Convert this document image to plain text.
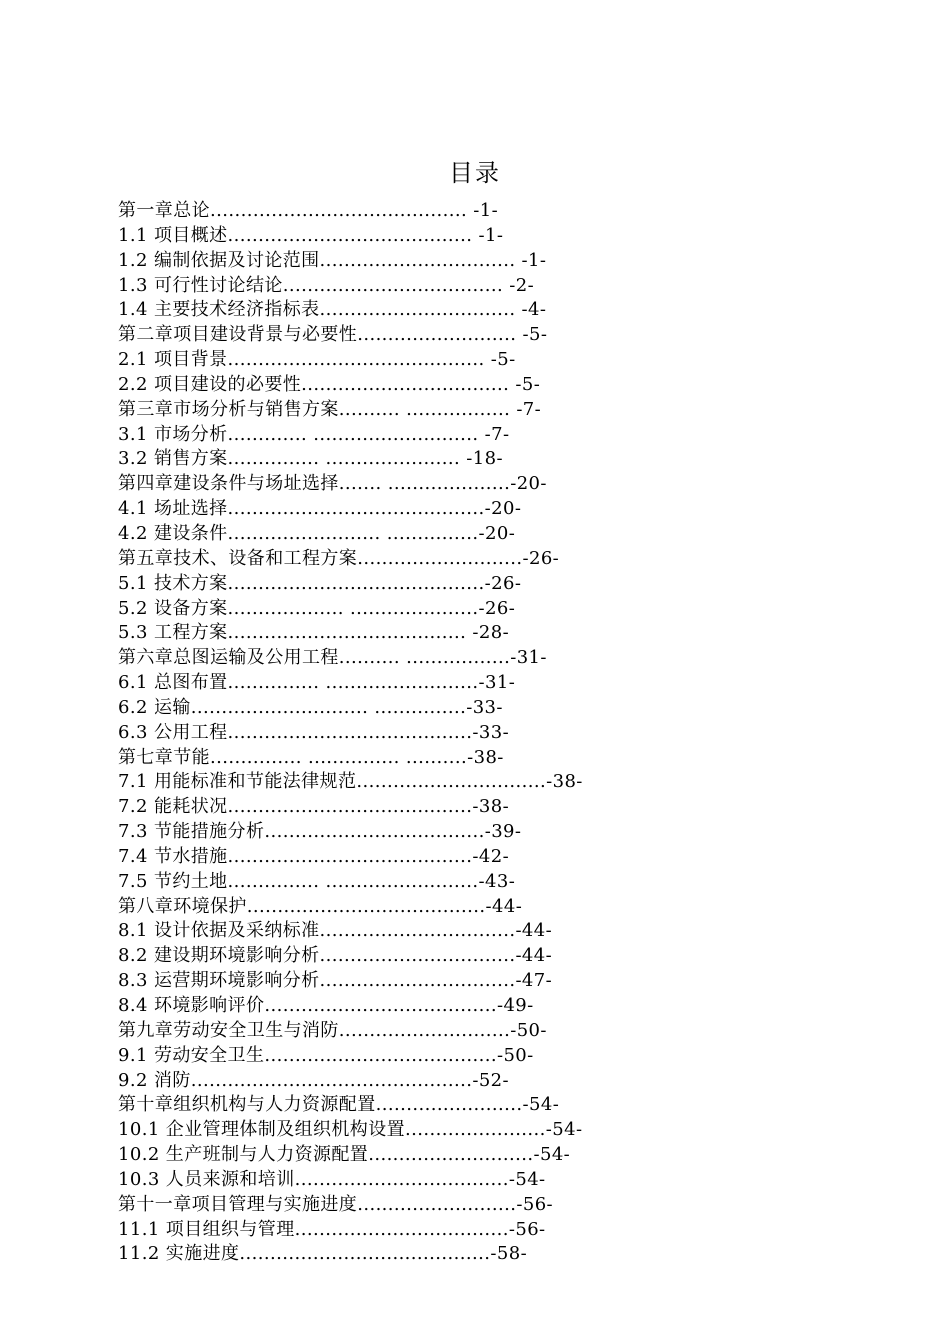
目录
第一章总论.......................................... -1-
1.1 项目概述........................................ -1-
1.2 编制依据及讨论范围................................ -1-
1.3 可行性讨论结论.................................... -2-
1.4 主要技术经济指标表................................ -4-
第二章项目建设背景与必要性.......................... -5-
2.1 项目背景.......................................... -5-
2.2 项目建设的必要性.................................. -5-
第三章市场分析与销售方案.......... ................. -7-
3.1 市场分析............. ........................... -7-
3.2 销售方案............... ...................... -18-
第四章建设条件与场址选择....... ....................-20-
4.1 场址选择..........................................-20-
4.2 建设条件......................... ...............-20-
第五章技术、设备和工程方案...........................-26-
5.1 技术方案..........................................-26-
5.2 设备方案................... .....................-26-
5.3 工程方案....................................... -28-
第六章总图运输及公用工程.......... .................-31-
6.1 总图布置............... .........................-31-
6.2 运输............................. ...............-33-
6.3 公用工程........................................-33-
第七章节能............... ............... ..........-38-
7.1 用能标准和节能法律规范...............................-38-
7.2 能耗状况........................................-38-
7.3 节能措施分析....................................-39-
7.4 节水措施........................................-42-
7.5 节约土地............... .........................-43-
第八章环境保护.......................................-44-
8.1 设计依据及采纳标准................................-44-
8.2 建设期环境影响分析................................-44-
8.3 运营期环境影响分析................................-47-
8.4 环境影响评价......................................-49-
第九章劳动安全卫生与消防............................-50-
9.1 劳动安全卫生......................................-50-
9.2 消防..............................................-52-
第十章组织机构与人力资源配置........................-54-
10.1 企业管理体制及组织机构设置.......................-54-
10.2 生产班制与人力资源配置...........................-54-
10.3 人员来源和培训...................................-54-
第十一章项目管理与实施进度..........................-56-
11.1 项目组织与管理...................................-56-
11.2 实施进度.........................................-58-
